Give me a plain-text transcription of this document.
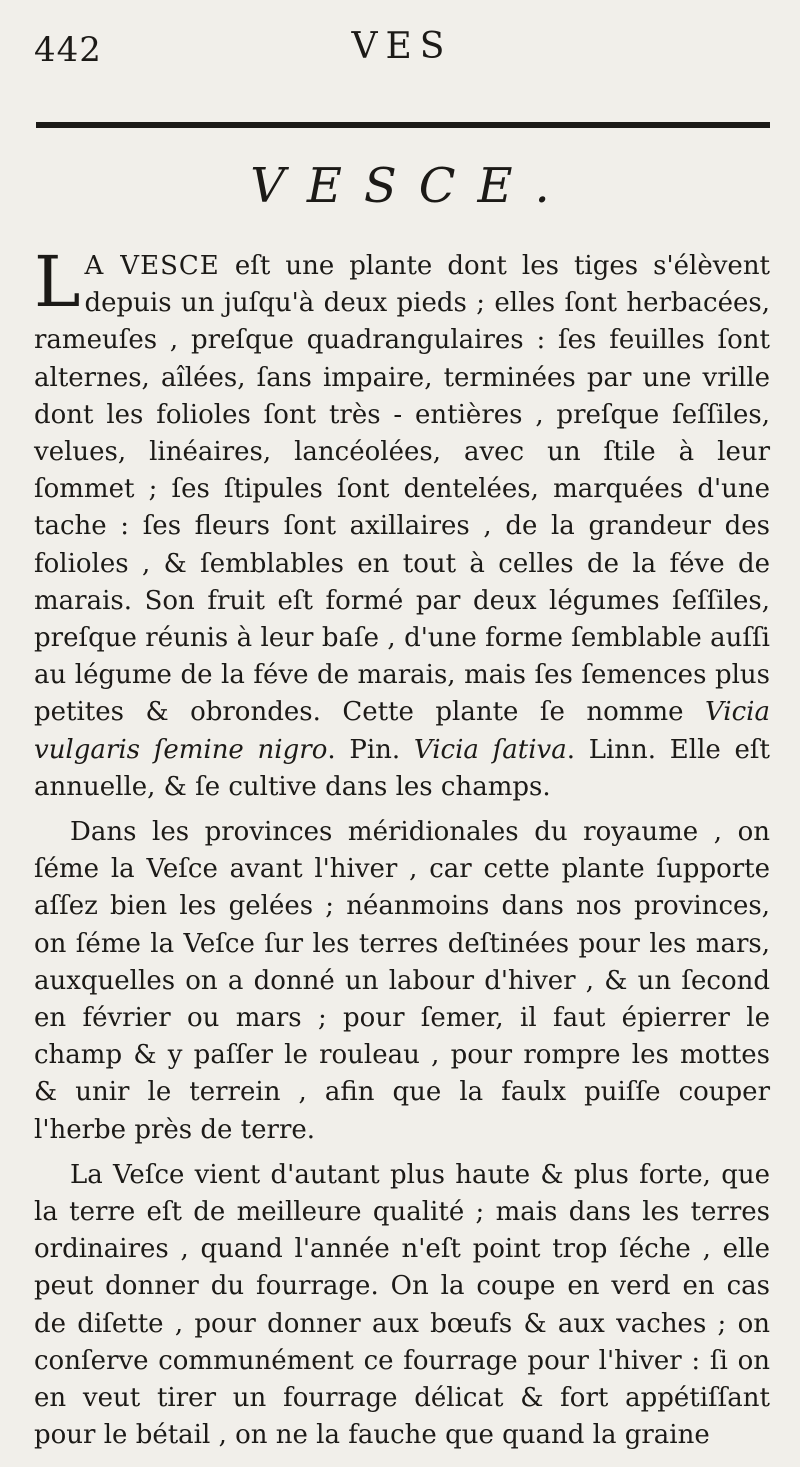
442	VES
VESCE.

L A VESCE eſt une plante dont les tiges s'élèvent depuis un juſqu'à deux pieds ; elles ſont herbacées, rameuſes , preſque quadrangulaires : ſes feuilles ſont alternes, aîlées, ſans impaire, terminées par une vrille dont les folioles ſont très - entières , preſque ſeſſiles, velues, linéaires, lancéolées, avec un ſtile à leur ſommet ; ſes ſtipules ſont dentelées, marquées d'une tache : ſes fleurs ſont axillaires , de la grandeur des folioles , & ſemblables en tout à celles de la féve de marais. Son fruit eſt formé par deux légumes ſeſſiles, preſque réunis à leur baſe , d'une forme ſemblable auſſi au légume de la féve de marais, mais ſes ſemences plus petites & obrondes. Cette plante ſe nomme Vicia vulgaris ſemine nigro. Pin. Vicia ſativa. Linn. Elle eſt annuelle, & ſe cultive dans les champs.

Dans les provinces méridionales du royaume , on ſéme la Veſce avant l'hiver , car cette plante ſupporte aſſez bien les gelées ; néanmoins dans nos provinces, on ſéme la Veſce ſur les terres deſtinées pour les mars, auxquelles on a donné un labour d'hiver , & un ſecond en février ou mars ; pour ſemer, il faut épierrer le champ & y paſſer le rouleau , pour rompre les mottes & unir le terrein , afin que la faulx puiſſe couper l'herbe près de terre.

La Veſce vient d'autant plus haute & plus forte, que la terre eſt de meilleure qualité ; mais dans les terres ordinaires , quand l'année n'eſt point trop ſéche , elle peut donner du fourrage. On la coupe en verd en cas de diſette , pour donner aux bœufs & aux vaches ; on conſerve communément ce fourrage pour l'hiver : ſi on en veut tirer un fourrage délicat & fort appétiſſant pour le bétail , on ne la fauche que quand la graine
